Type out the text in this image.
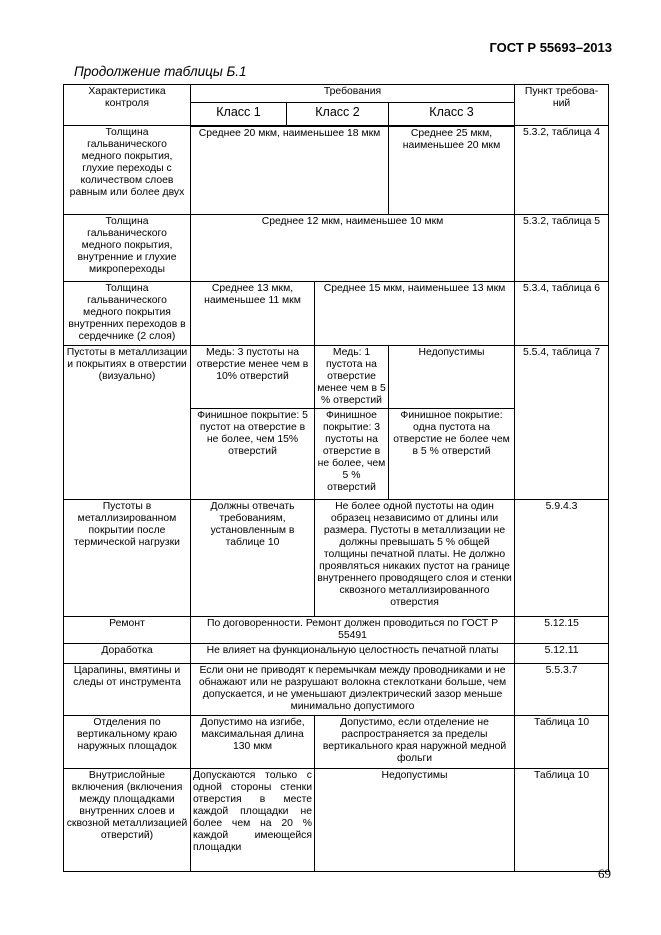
ГОСТ Р 55693–2013
Продолжение таблицы Б.1
Характеристика контроля	Требования				Пункт требова-ний
	Класс 1	Класс 2		Класс 3	
Толщина гальванического медного покрытия, глухие переходы с количеством слоев равным или более двух	Среднее 20 мкм, наименьшее 18 мкм			Среднее 25 мкм, наименьшее 20 мкм	5.3.2, таблица 4
Толщина гальванического медного покрытия, внутренние и глухие микропереходы	Среднее 12 мкм, наименьшее 10 мкм				5.3.2, таблица 5
Толщина гальванического медного покрытия внутренних переходов в сердечнике (2 слоя)	Среднее 13 мкм, наименьшее 11 мкм		Среднее 15 мкм, наименьшее 13 мкм		5.3.4, таблица 6
Пустоты в металлизации и покрытиях в отверстии (визуально)	Медь: 3 пустоты на отверстие менее чем в 10% отверстий		Медь: 1 пустота на отверстие менее чем в 5 % отверстий	Недопустимы	5.5.4, таблица 7
	Финишное покрытие: 5 пустот на отверстие в не более, чем 15% отверстий		Финишное покрытие: 3 пустоты на отверстие в не более, чем 5 % отверстий	Финишное покрытие: одна пустота на отверстие не более чем в 5 % отверстий	
Пустоты в металлизированном покрытии после термической нагрузки	Должны отвечать требованиям, установленным в таблице 10		Не более одной пустоты на один образец независимо от длины или размера. Пустоты в металлизации не должны превышать 5 % общей толщины печатной платы. Не должно проявляться никаких пустот на границе внутреннего проводящего слоя и стенки сквозного металлизированного отверстия		5.9.4.3
Ремонт	По договоренности. Ремонт должен проводиться по ГОСТ Р 55491				5.12.15
Доработка	Не влияет на функциональную целостность печатной платы				5.12.11
Царапины, вмятины и следы от инструмента	Если они не приводят к перемычкам между проводниками и не обнажают или не разрушают волокна стеклоткани больше, чем допускается, и не уменьшают диэлектрический зазор меньше минимально допустимого				5.5.3.7
Отделения по вертикальному краю наружных площадок	Допустимо на изгибе, максимальная длина 130 мкм		Допустимо, если отделение не распространяется за пределы вертикального края наружной медной фольги		Таблица 10
Внутрислойные включения (включения между площадками внутренних слоев и сквозной металлизацией отверстий)	Допускаются только с одной стороны стенки отверстия в месте каждой площадки не более чем на 20 % каждой имеющейся площадки		Недопустимы		Таблица 10
69
